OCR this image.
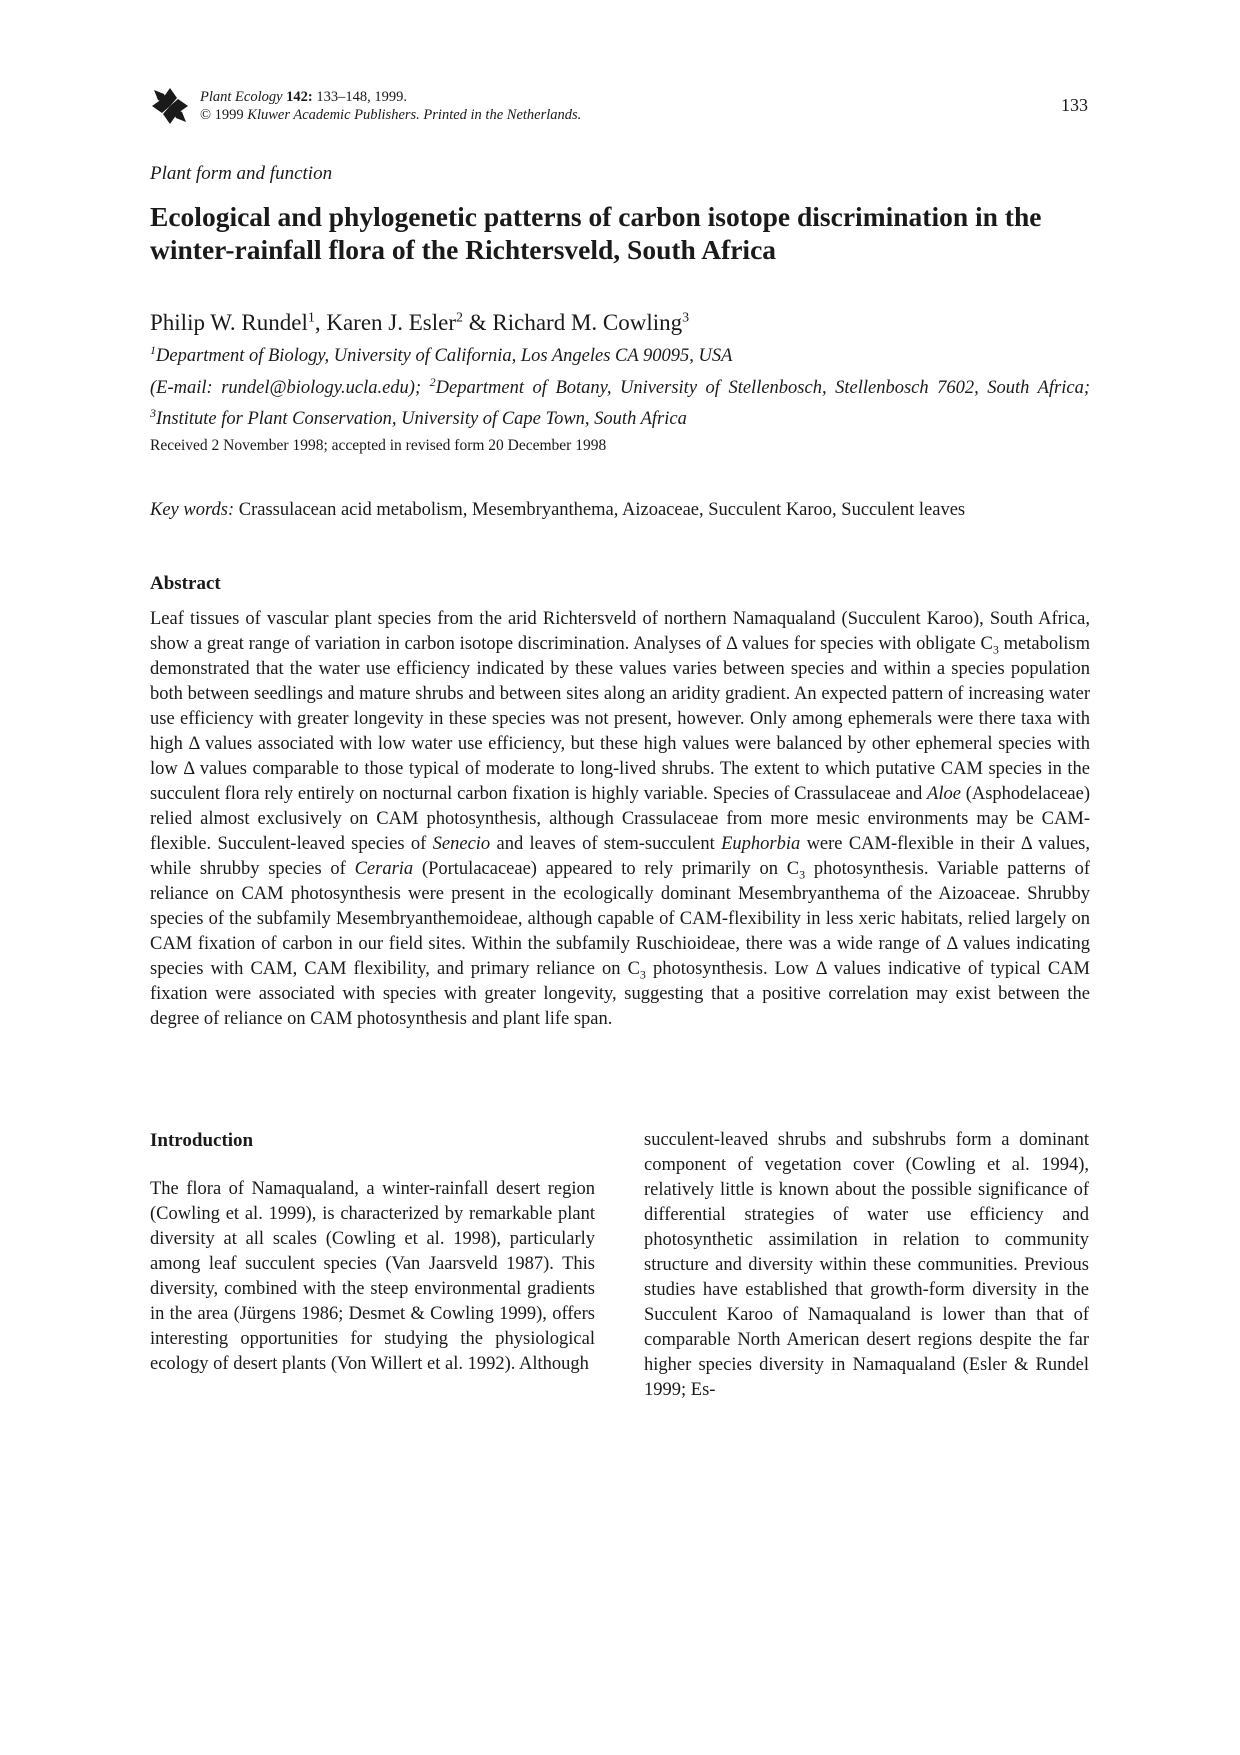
Plant Ecology 142: 133–148, 1999.
© 1999 Kluwer Academic Publishers. Printed in the Netherlands.	133
Plant form and function
Ecological and phylogenetic patterns of carbon isotope discrimination in the winter-rainfall flora of the Richtersveld, South Africa
Philip W. Rundel$^1$, Karen J. Esler$^2$ & Richard M. Cowling$^3$
$^1$Department of Biology, University of California, Los Angeles CA 90095, USA
(E-mail: rundel@biology.ucla.edu); $^2$Department of Botany, University of Stellenbosch, Stellenbosch 7602, South Africa; $^3$Institute for Plant Conservation, University of Cape Town, South Africa
Received 2 November 1998; accepted in revised form 20 December 1998
Key words: Crassulacean acid metabolism, Mesembryanthema, Aizoaceae, Succulent Karoo, Succulent leaves
Abstract

Leaf tissues of vascular plant species from the arid Richtersveld of northern Namaqualand (Succulent Karoo), South Africa, show a great range of variation in carbon isotope discrimination. Analyses of Δ values for species with obligate $C_3$ metabolism demonstrated that the water use efficiency indicated by these values varies between species and within a species population both between seedlings and mature shrubs and between sites along an aridity gradient. An expected pattern of increasing water use efficiency with greater longevity in these species was not present, however. Only among ephemerals were there taxa with high Δ values associated with low water use efficiency, but these high values were balanced by other ephemeral species with low Δ values comparable to those typical of moderate to long-lived shrubs. The extent to which putative CAM species in the succulent flora rely entirely on nocturnal carbon fixation is highly variable. Species of Crassulaceae and Aloe (Asphodelaceae) relied almost exclusively on CAM photosynthesis, although Crassulaceae from more mesic environments may be CAM-flexible. Succulent-leaved species of Senecio and leaves of stem-succulent Euphorbia were CAM-flexible in their Δ values, while shrubby species of Ceraria (Portulacaceae) appeared to rely primarily on $C_3$ photosynthesis. Variable patterns of reliance on CAM photosynthesis were present in the ecologically dominant Mesembryanthema of the Aizoaceae. Shrubby species of the subfamily Mesembryanthemoideae, although capable of CAM-flexibility in less xeric habitats, relied largely on CAM fixation of carbon in our field sites. Within the subfamily Ruschioideae, there was a wide range of Δ values indicating species with CAM, CAM flexibility, and primary reliance on $C_3$ photosynthesis. Low Δ values indicative of typical CAM fixation were associated with species with greater longevity, suggesting that a positive correlation may exist between the degree of reliance on CAM photosynthesis and plant life span.

Introduction

The flora of Namaqualand, a winter-rainfall desert region (Cowling et al. 1999), is characterized by remarkable plant diversity at all scales (Cowling et al. 1998), particularly among leaf succulent species (Van Jaarsveld 1987). This diversity, combined with the steep environmental gradients in the area (Jürgens 1986; Desmet & Cowling 1999), offers interesting opportunities for studying the physiological ecology of desert plants (Von Willert et al. 1992). Although

succulent-leaved shrubs and subshrubs form a dominant component of vegetation cover (Cowling et al. 1994), relatively little is known about the possible significance of differential strategies of water use efficiency and photosynthetic assimilation in relation to community structure and diversity within these communities. Previous studies have established that growth-form diversity in the Succulent Karoo of Namaqualand is lower than that of comparable North American desert regions despite the far higher species diversity in Namaqualand (Esler & Rundel 1999; Es-
